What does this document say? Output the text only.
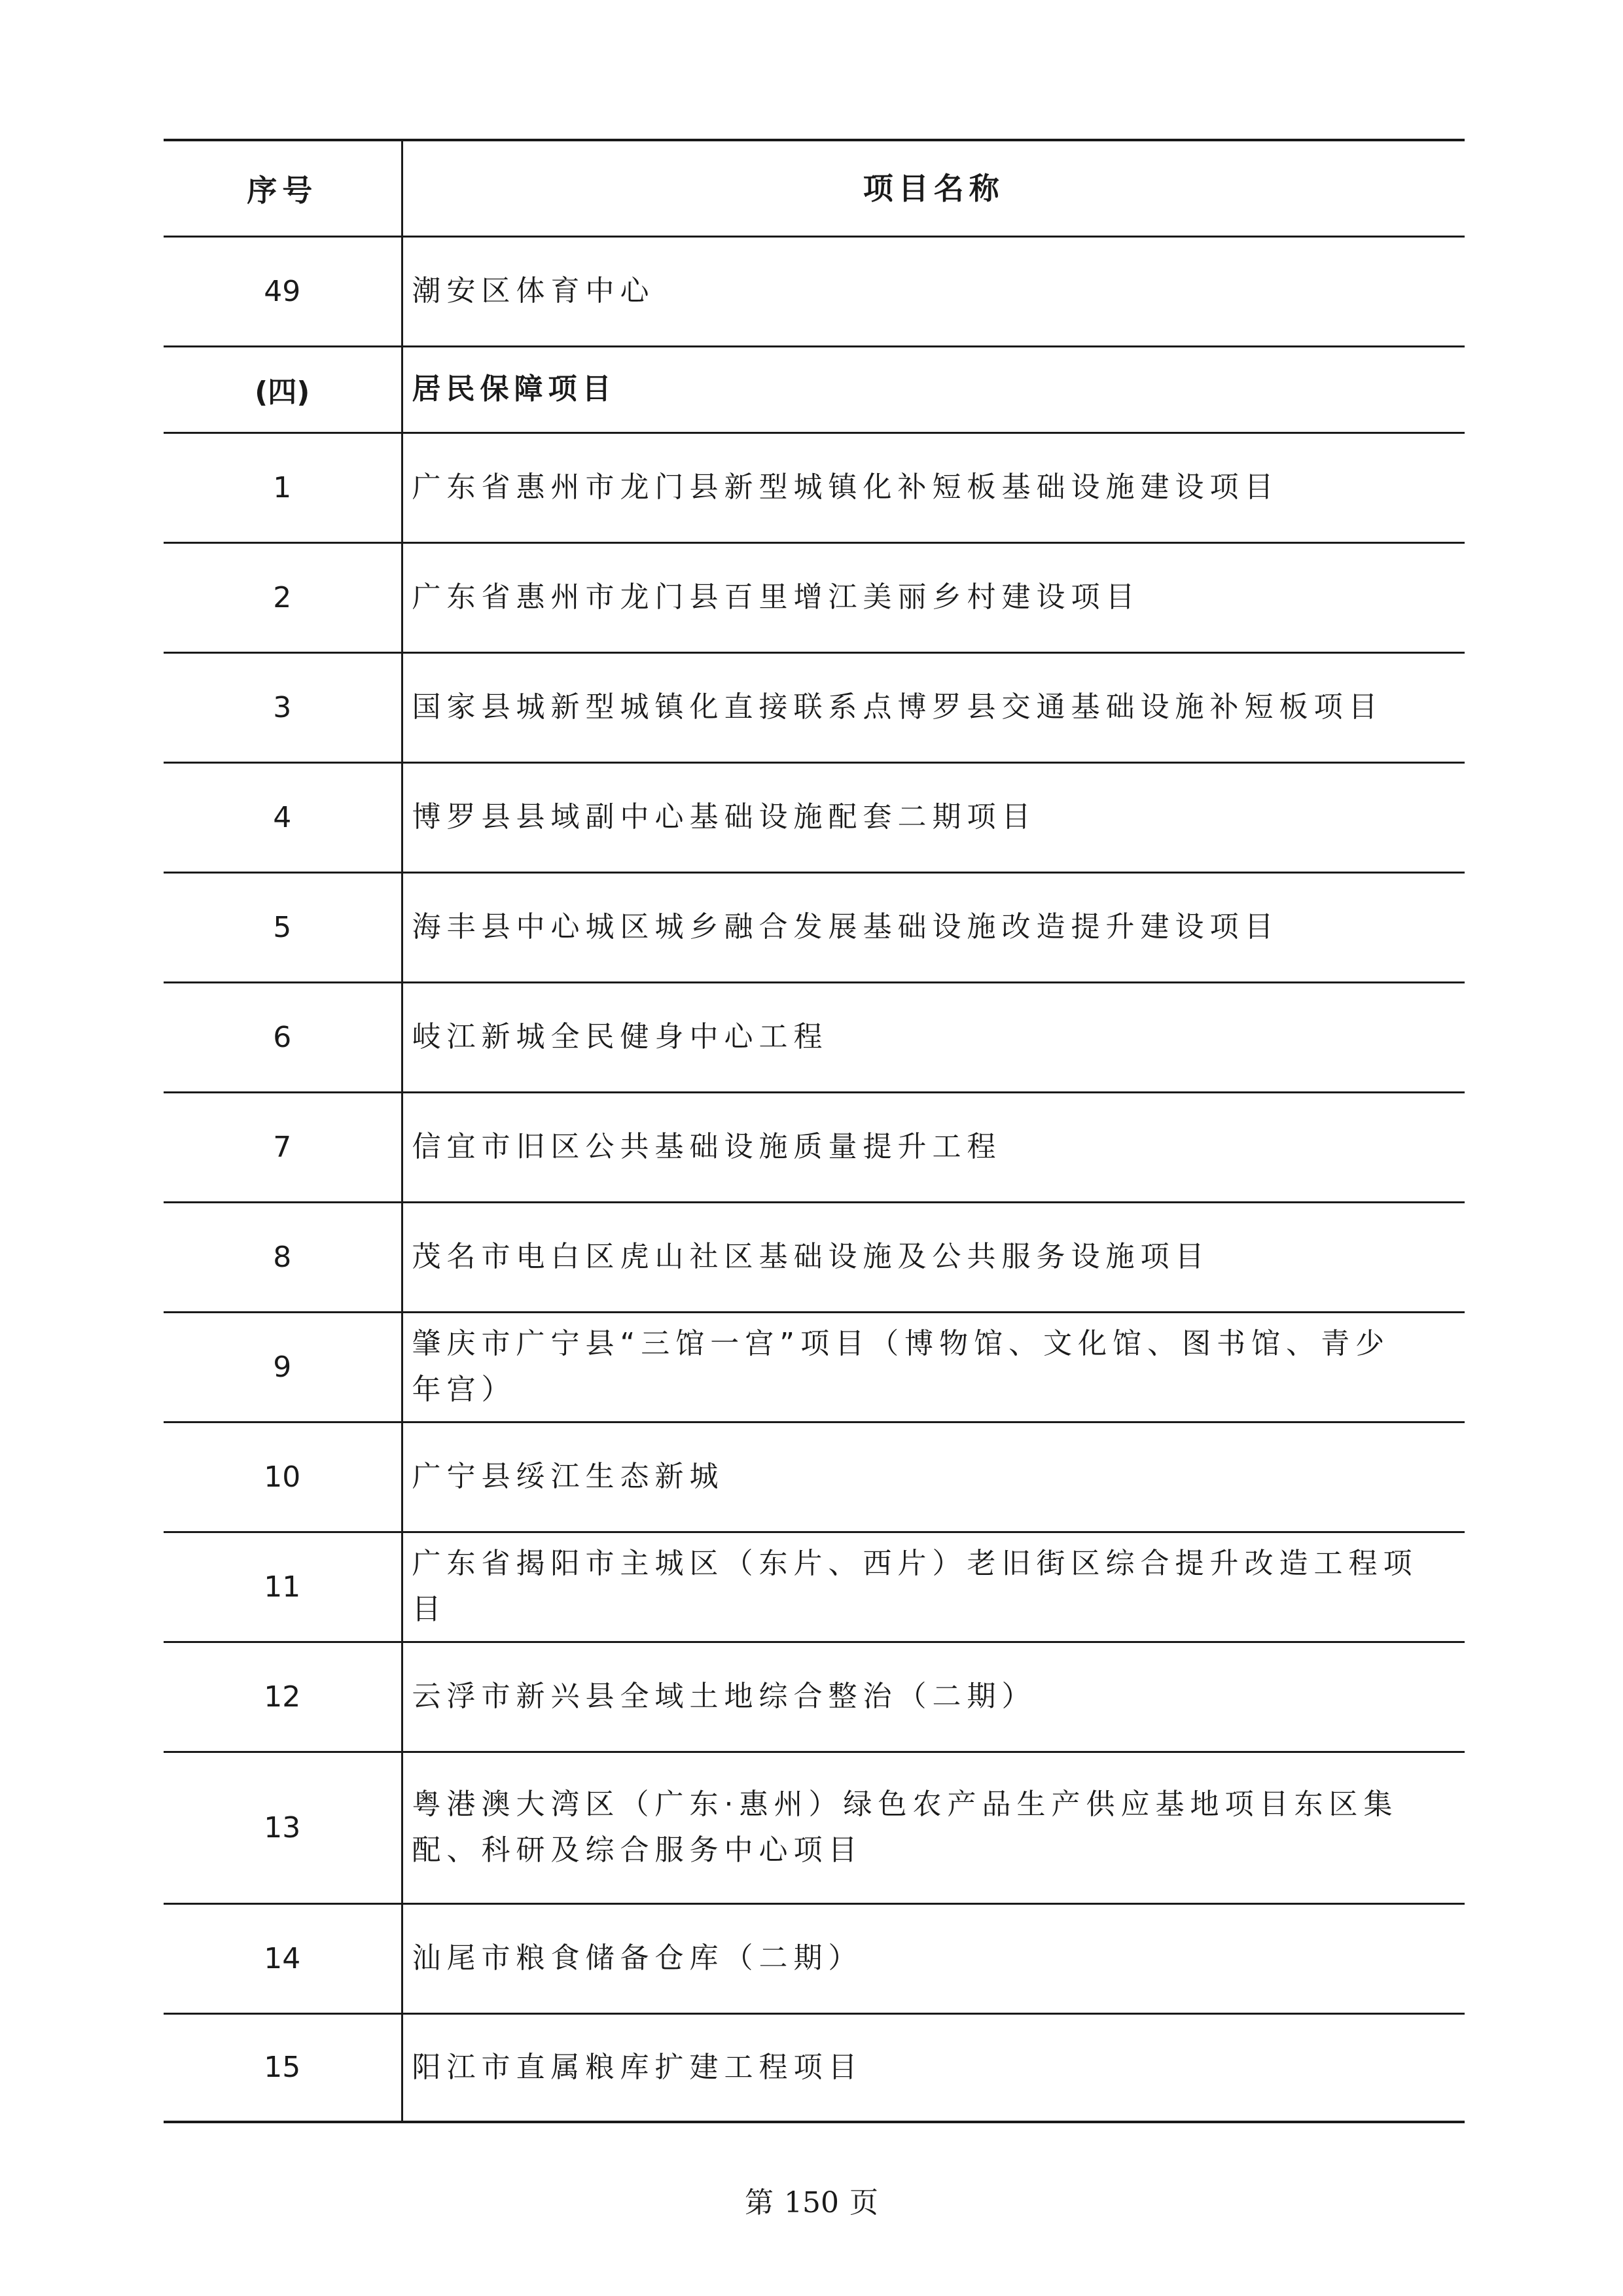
序号	项目名称
49	潮安区体育中心
(四)	居民保障项目
1	广东省惠州市龙门县新型城镇化补短板基础设施建设项目
2	广东省惠州市龙门县百里增江美丽乡村建设项目
3	国家县城新型城镇化直接联系点博罗县交通基础设施补短板项目
4	博罗县县域副中心基础设施配套二期项目
5	海丰县中心城区城乡融合发展基础设施改造提升建设项目
6	岐江新城全民健身中心工程
7	信宜市旧区公共基础设施质量提升工程
8	茂名市电白区虎山社区基础设施及公共服务设施项目
9	肇庆市广宁县“三馆一宫”项目（博物馆、文化馆、图书馆、青少年宫）
10	广宁县绥江生态新城
11	广东省揭阳市主城区（东片、西片）老旧街区综合提升改造工程项目
12	云浮市新兴县全域土地综合整治（二期）
13	粤港澳大湾区（广东·惠州）绿色农产品生产供应基地项目东区集配、科研及综合服务中心项目
14	汕尾市粮食储备仓库（二期）
15	阳江市直属粮库扩建工程项目
第 150 页
